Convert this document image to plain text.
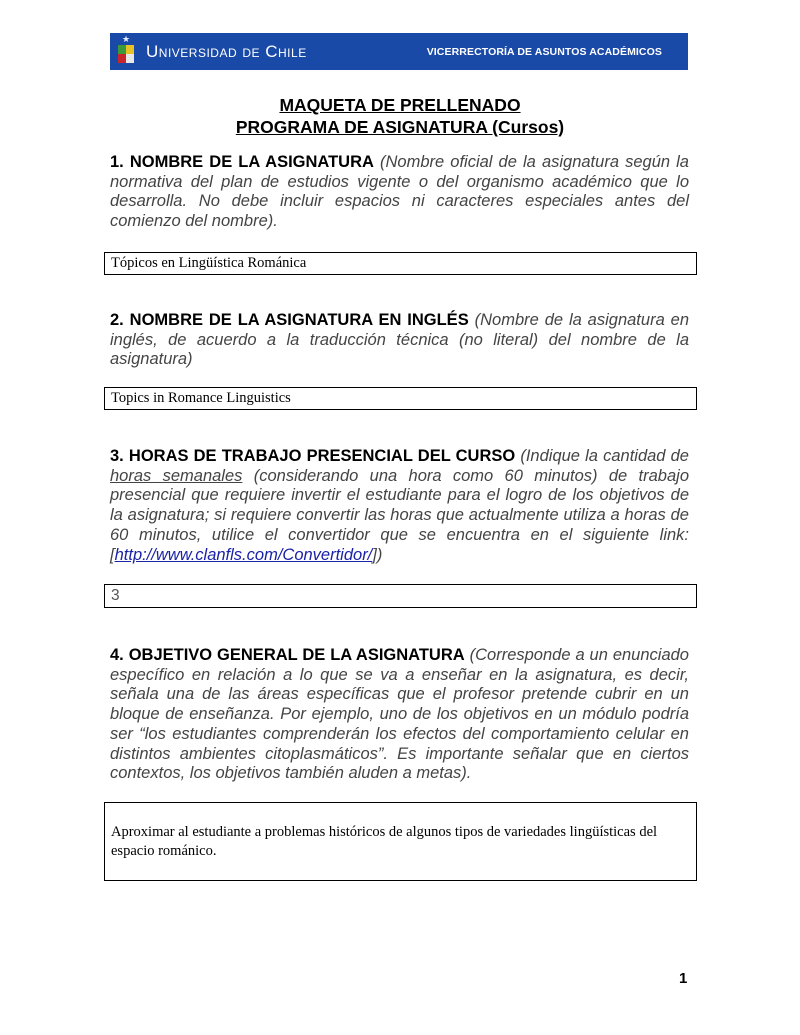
★
Universidad de Chile	VICERRECTORÍA DE ASUNTOS ACADÉMICOS
MAQUETA DE PRELLENADO
PROGRAMA DE ASIGNATURA (Cursos)
1. NOMBRE DE LA ASIGNATURA (Nombre oficial de la asignatura según la normativa del plan de estudios vigente o del organismo académico que lo desarrolla. No debe incluir espacios ni caracteres especiales antes del comienzo del nombre).
Tópicos en Lingüística Románica
2. NOMBRE DE LA ASIGNATURA EN INGLÉS (Nombre de la asignatura en inglés, de acuerdo a la traducción técnica (no literal) del nombre de la asignatura)
Topics in Romance Linguistics
3. HORAS DE TRABAJO PRESENCIAL DEL CURSO (Indique la cantidad de horas semanales (considerando una hora como 60 minutos) de trabajo presencial que requiere invertir el estudiante para el logro de los objetivos de la asignatura; si requiere convertir las horas que actualmente utiliza a horas de 60 minutos, utilice el convertidor que se encuentra en el siguiente link: [http://www.clanfls.com/Convertidor/])
3
4. OBJETIVO GENERAL DE LA ASIGNATURA (Corresponde a un enunciado específico en relación a lo que se va a enseñar en la asignatura, es decir, señala una de las áreas específicas que el profesor pretende cubrir en un bloque de enseñanza. Por ejemplo, uno de los objetivos en un módulo podría ser “los estudiantes comprenderán los efectos del comportamiento celular en distintos ambientes citoplasmáticos”. Es importante señalar que en ciertos contextos, los objetivos también aluden a metas).
Aproximar al estudiante a problemas históricos de algunos tipos de variedades lingüísticas del espacio románico.
1
